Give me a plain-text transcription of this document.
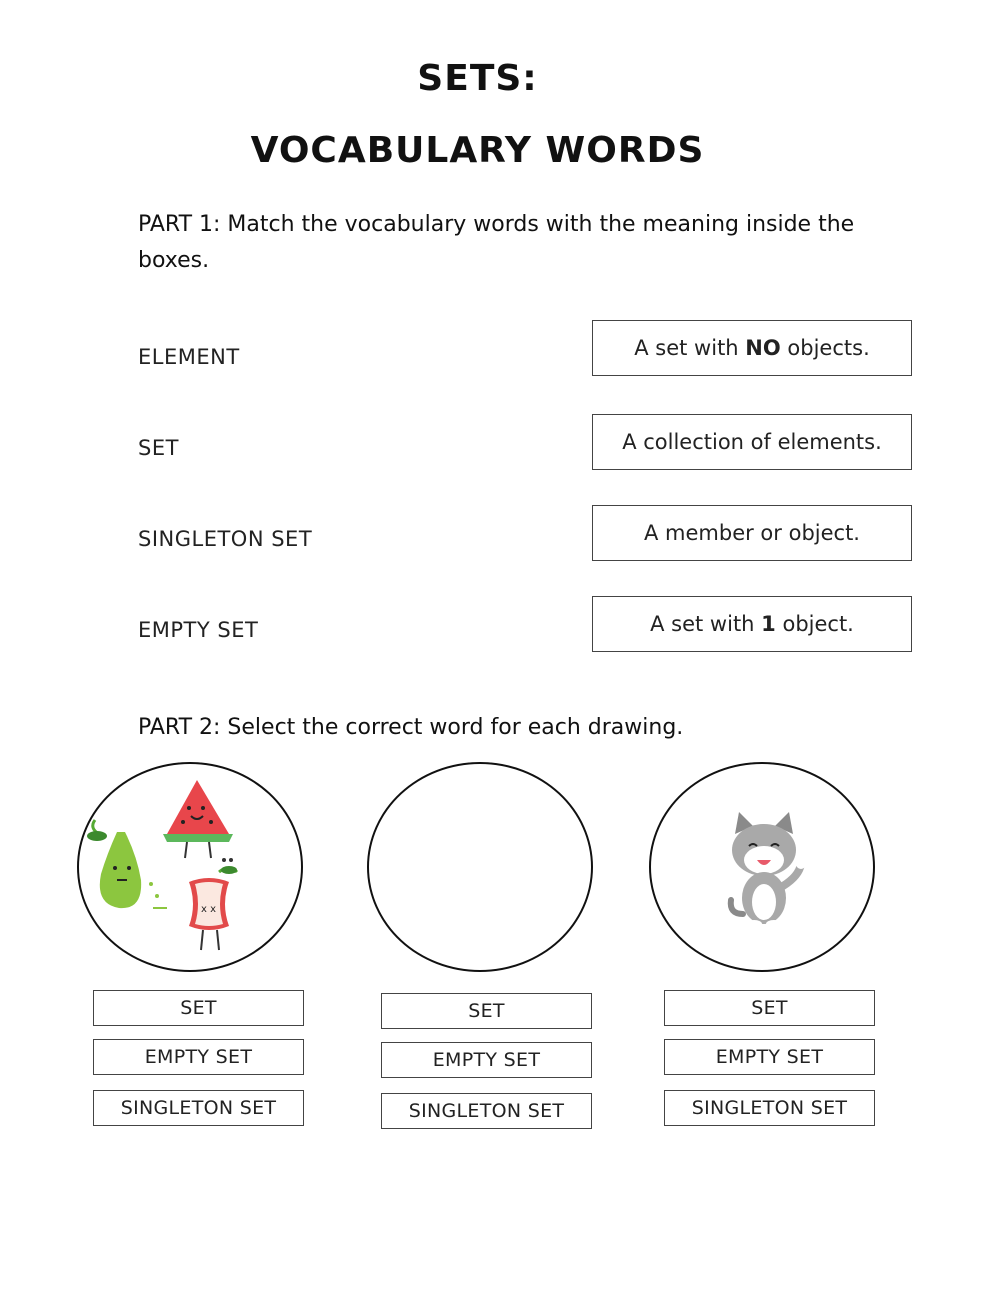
SETS:
VOCABULARY WORDS
PART 1: Match the vocabulary words with the meaning inside the boxes.
ELEMENT
SET
SINGLETON SET
EMPTY SET
A set with NO objects.
A collection of elements.
A member or object.
A set with 1 object.
PART 2: Select the correct word for each drawing.
x x
SET
EMPTY SET
SINGLETON SET
SET
EMPTY SET
SINGLETON SET
SET
EMPTY SET
SINGLETON SET
